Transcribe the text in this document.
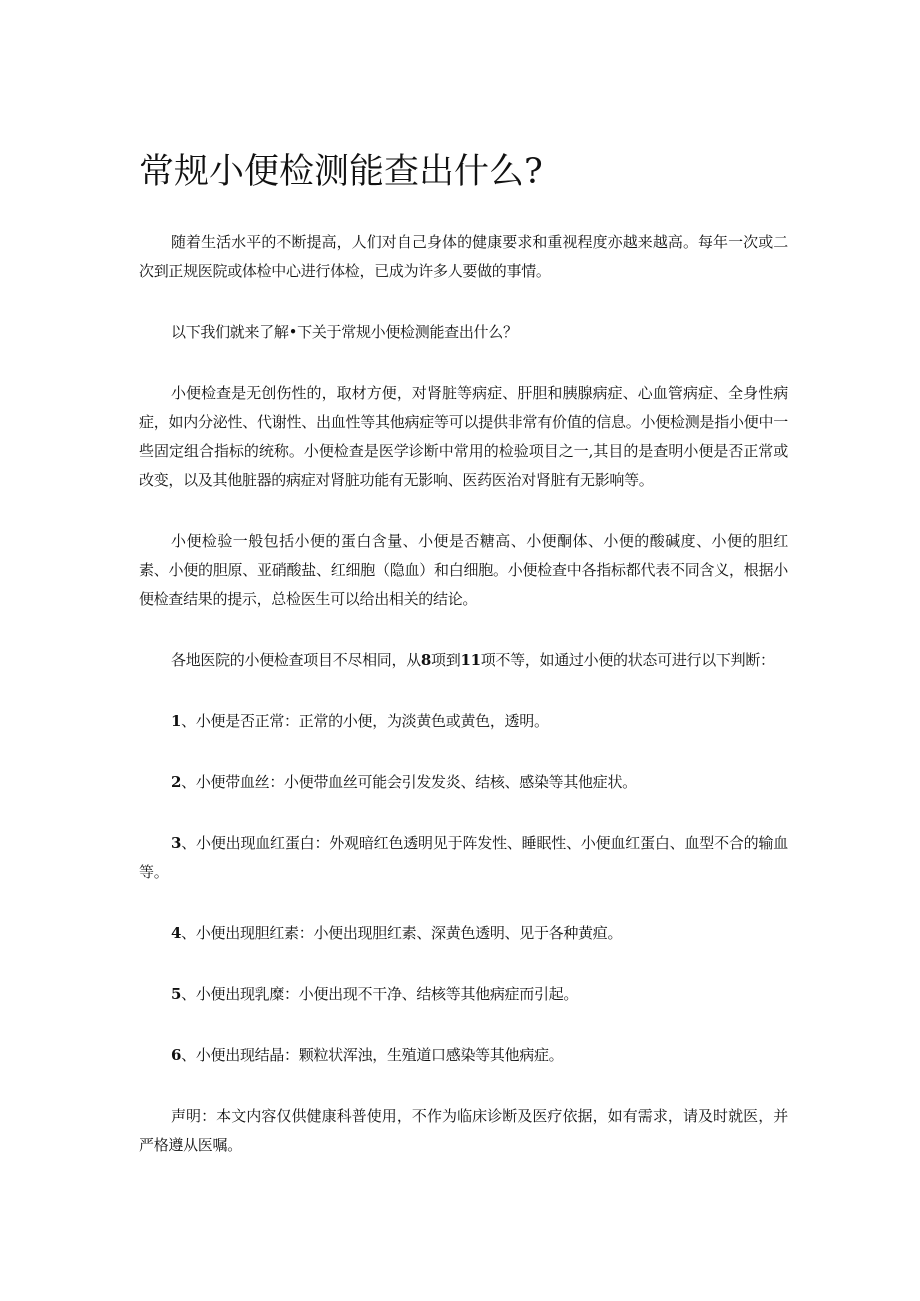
常规小便检测能查出什么?

随着生活水平的不断提高，人们对自己身体的健康要求和重视程度亦越来越高。每年一次或二次到正规医院或体检中心进行体检，已成为许多人要做的事情。

以下我们就来了解•下关于常规小便检测能查出什么？

小便检查是无创伤性的，取材方便，对肾脏等病症、肝胆和胰腺病症、心血管病症、全身性病症，如内分泌性、代谢性、出血性等其他病症等可以提供非常有价值的信息。小便检测是指小便中一些固定组合指标的统称。小便检查是医学诊断中常用的检验项目之一,其目的是查明小便是否正常或改变，以及其他脏器的病症对肾脏功能有无影响、医药医治对肾脏有无影响等。

小便检验一般包括小便的蛋白含量、小便是否糖高、小便酮体、小便的酸碱度、小便的胆红素、小便的胆原、亚硝酸盐、红细胞（隐血）和白细胞。小便检查中各指标都代表不同含义，根据小便检查结果的提示，总检医生可以给出相关的结论。

各地医院的小便检查项目不尽相同，从8项到11项不等，如通过小便的状态可进行以下判断：

1、小便是否正常：正常的小便，为淡黄色或黄色，透明。

2、小便带血丝：小便带血丝可能会引发发炎、结核、感染等其他症状。

3、小便出现血红蛋白：外观暗红色透明见于阵发性、睡眠性、小便血红蛋白、血型不合的输血等。

4、小便出现胆红素：小便出现胆红素、深黄色透明、见于各种黄疸。

5、小便出现乳糜：小便出现不干净、结核等其他病症而引起。

6、小便出现结晶：颗粒状浑浊，生殖道口感染等其他病症。

声明：本文内容仅供健康科普使用，不作为临床诊断及医疗依据，如有需求，请及时就医，并严格遵从医嘱。
